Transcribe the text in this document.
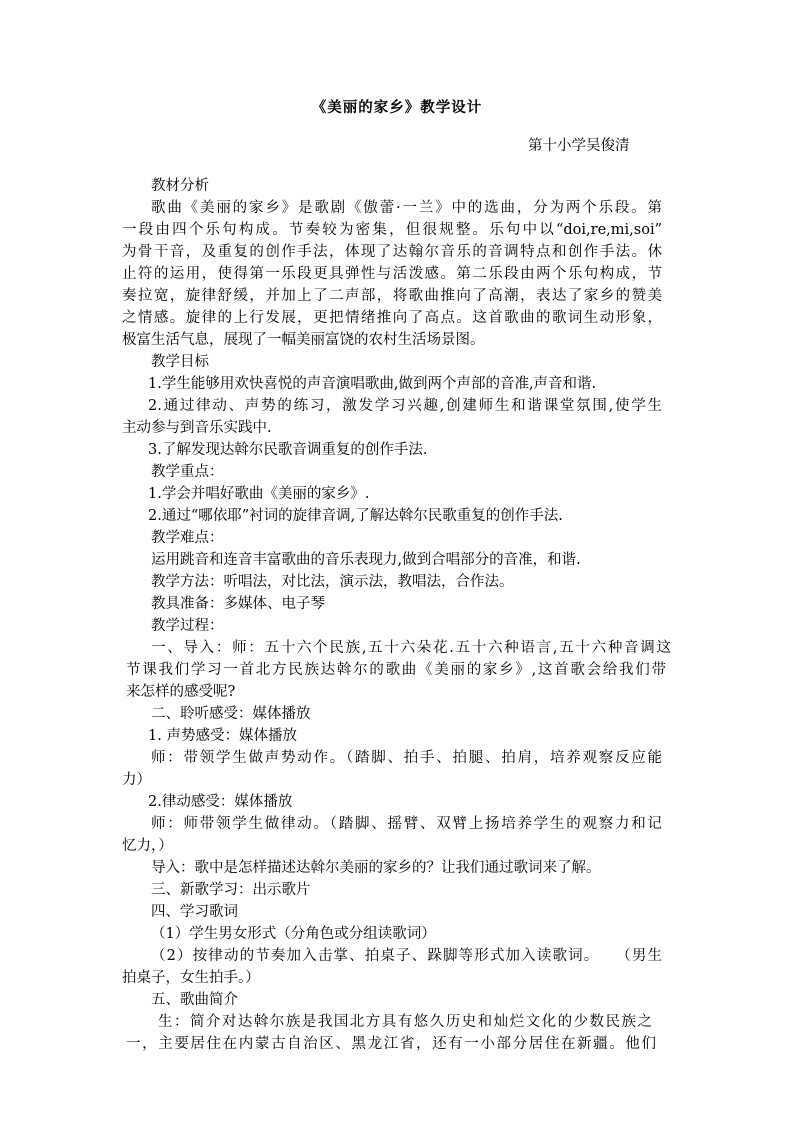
《美丽的家乡》教学设计
第十小学吴俊清
教材分析
歌曲《美丽的家乡》是歌剧《傲蕾·一兰》中的选曲，分为两个乐段。第
一段由四个乐句构成。节奏较为密集，但很规整。乐句中以“doi,re,mi,soi”
为骨干音，及重复的创作手法，体现了达翰尔音乐的音调特点和创作手法。休
止符的运用，使得第一乐段更具弹性与活泼感。第二乐段由两个乐句构成，节
奏拉宽，旋律舒缓，并加上了二声部，将歌曲推向了高潮，表达了家乡的赞美
之情感。旋律的上行发展，更把情绪推向了高点。这首歌曲的歌词生动形象，
极富生活气息，展现了一幅美丽富饶的农村生活场景图。
教学目标
1.学生能够用欢快喜悦的声音演唱歌曲,做到两个声部的音准,声音和谐.
2.通过律动、声势的练习，激发学习兴趣,创建师生和谐课堂氛围,使学生
主动参与到音乐实践中.
3.了解发现达斡尔民歌音调重复的创作手法.
教学重点：
1.学会并唱好歌曲《美丽的家乡》.
2.通过“哪依耶”衬词的旋律音调,了解达斡尔民歌重复的创作手法.
教学难点：
运用跳音和连音丰富歌曲的音乐表现力,做到合唱部分的音准，和谐.
教学方法：听唱法，对比法，演示法，教唱法，合作法。
教具准备：多媒体、电子琴
教学过程：
一、导入：师：五十六个民族,五十六朵花.五十六种语言,五十六种音调这
节课我们学习一首北方民族达斡尔的歌曲《美丽的家乡》,这首歌会给我们带
来怎样的感受呢?
二、聆听感受：媒体播放
1. 声势感受：媒体播放
师：带领学生做声势动作。（踏脚、拍手、拍腿、拍肩，培养观察反应能
力）
2.律动感受：媒体播放
师：师带领学生做律动。（踏脚、摇臂、双臂上扬培养学生的观察力和记
忆力，）
导入：歌中是怎样描述达斡尔美丽的家乡的？让我们通过歌词来了解。
三、新歌学习：出示歌片
四、学习歌词
（1）学生男女形式（分角色或分组读歌词）
（2）按律动的节奏加入击掌、拍桌子、跺脚等形式加入读歌词。　　（男生
拍桌子，女生拍手。）
五、歌曲简介
生：简介对达斡尔族是我国北方具有悠久历史和灿烂文化的少数民族之
一，主要居住在内蒙古自治区、黑龙江省，还有一小部分居住在新疆。他们
